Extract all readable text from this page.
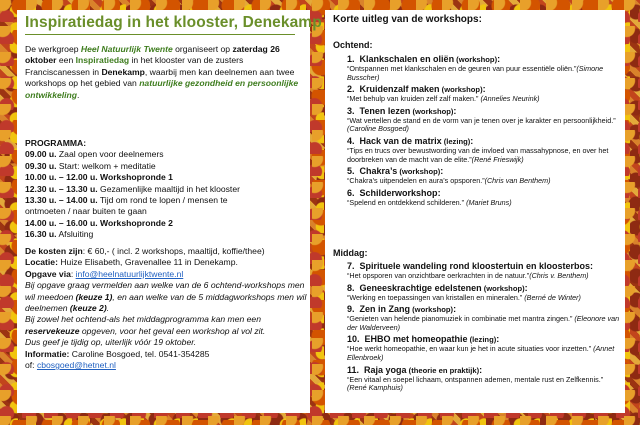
Inspiratiedag in het klooster, Denekamp
De werkgroep Heel Natuurlijk Twente organiseert op zaterdag 26 oktober een Inspiratiedag in het klooster van de zusters Franciscanessen in Denekamp, waarbij men kan deelnemen aan twee workshops op het gebied van natuurlijke gezondheid en persoonlijke ontwikkeling.
PROGRAMMA:
09.00 u. Zaal open voor deelnemers
09.30 u. Start: welkom + meditatie
10.00 u. – 12.00 u. Workshopronde 1
12.30 u. – 13.30 u. Gezamenlijke maaltijd in het klooster
13.30 u. – 14.00 u. Tijd om rond te lopen / mensen te
ontmoeten / naar buiten te gaan
14.00 u. – 16.00 u. Workshopronde 2
16.30 u. Afsluiting
De kosten zijn: € 60,- ( incl. 2 workshops, maaltijd, koffie/thee)
Locatie: Huize Elisabeth, Gravenallee 11 in Denekamp.
Opgave via: info@heelnatuurlijktwente.nl
Bij opgave graag vermelden aan welke van de 6 ochtend-workshops men wil meedoen (keuze 1), en aan welke van de 5 middagworkshops men wil deelnemen (keuze 2).
Bij zowel het ochtend-als het middagprogramma kan men een reservekeuze opgeven, voor het geval een workshop al vol zit.
Dus geef je tijdig op, uiterlijk vóór 19 oktober.
Informatie: Caroline Bosgoed, tel. 0541-354285
of: cbosgoed@hetnet.nl
Korte uitleg van de workshops:
Ochtend:
1. Klankschalen en oliën (workshop):
“Ontspannen met klankschalen en de geuren van puur essentiële oliën.”(Simone Busscher)
2. Kruidenzalf maken (workshop):
“Met behulp van kruiden zelf zalf maken.” (Annelies Neurink)
3. Tenen lezen (workshop):
“Wat vertellen de stand en de vorm van je tenen over je karakter en persoonlijkheid.” (Caroline Bosgoed)
4. Hack van de matrix (lezing):
“Tips en trucs over bewustwording van de invloed van massahypnose, en over het doorbreken van de macht van de elite.”(René Frieswijk)
5. Chakra’s (workshop):
“Chakra’s uitpendelen en aura’s opsporen.”(Chris van Benthem)
6. Schilderworkshop:
“Spelend en ontdekkend schilderen.” (Mariet Bruns)
Middag:
7. Spirituele wandeling rond kloostertuin en kloosterbos:
“Het opsporen van onzichtbare oerkrachten in de natuur.”(Chris v. Benthem)
8. Geneeskrachtige edelstenen (workshop):
“Werking en toepassingen van kristallen en mineralen.” (Berné de Winter)
9. Zen in Zang (workshop):
“Genieten van helende pianomuziek in combinatie met mantra zingen.” (Eleonore van der Walderveen)
10. EHBO met homeopathie (lezing):
“Hoe werkt homeopathie, en waar kun je het in acute situaties voor inzetten.” (Annet Ellenbroek)
11. Raja yoga (theorie en praktijk):
“Een vitaal en soepel lichaam, ontspannen ademen, mentale rust en Zelfkennis.” (René Kamphuis)
